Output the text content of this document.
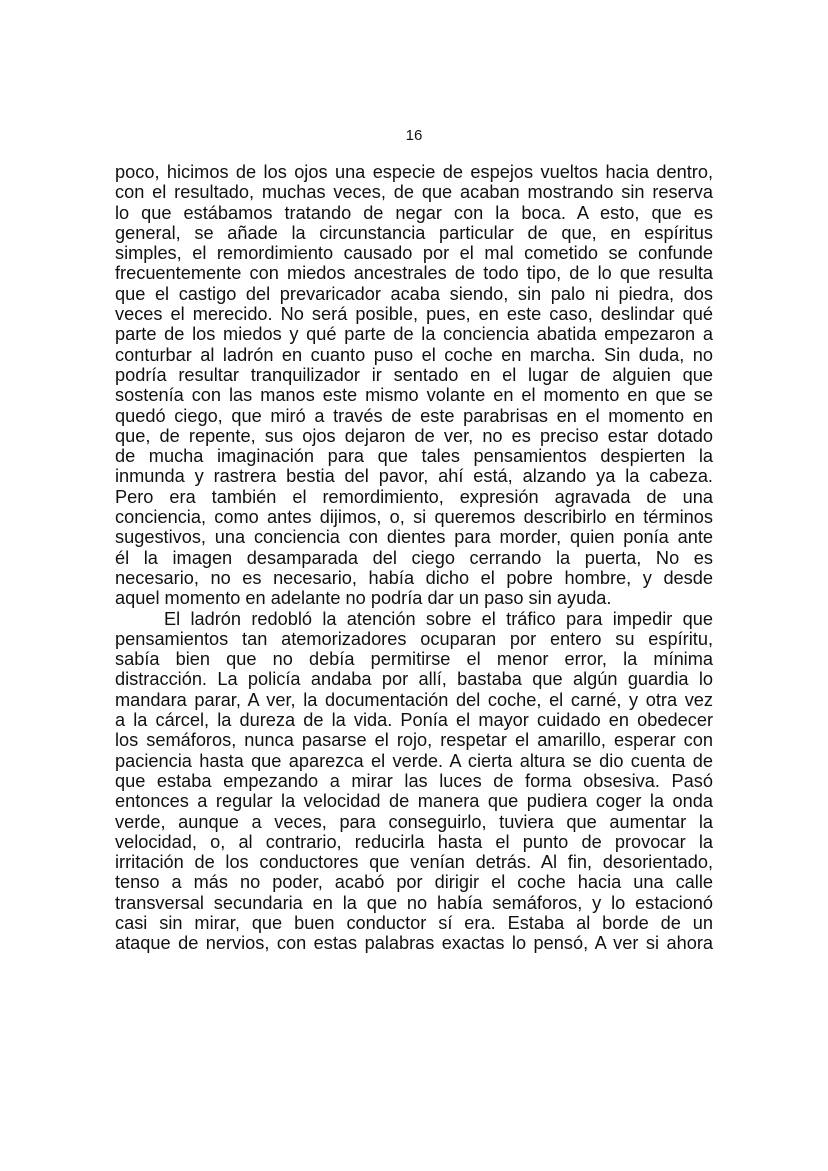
16
poco, hicimos de los ojos una especie de espejos vueltos hacia dentro,
con el resultado, muchas veces, de que acaban mostrando sin reserva
lo que estábamos tratando de negar con la boca. A esto, que es
general, se añade la circunstancia particular de que, en espíritus
simples, el remordimiento causado por el mal cometido se confunde
frecuentemente con miedos ancestrales de todo tipo, de lo que resulta
que el castigo del prevaricador acaba siendo, sin palo ni piedra, dos
veces el merecido. No será posible, pues, en este caso, deslindar qué
parte de los miedos y qué parte de la conciencia abatida empezaron a
conturbar al ladrón en cuanto puso el coche en marcha. Sin duda, no
podría resultar tranquilizador ir sentado en el lugar de alguien que
sostenía con las manos este mismo volante en el momento en que se
quedó ciego, que miró a través de este parabrisas en el momento en
que, de repente, sus ojos dejaron de ver, no es preciso estar dotado
de mucha imaginación para que tales pensamientos despierten la
inmunda y rastrera bestia del pavor, ahí está, alzando ya la cabeza.
Pero era también el remordimiento, expresión agravada de una
conciencia, como antes dijimos, o, si queremos describirlo en términos
sugestivos, una conciencia con dientes para morder, quien ponía ante
él la imagen desamparada del ciego cerrando la puerta, No es
necesario, no es necesario, había dicho el pobre hombre, y desde
aquel momento en adelante no podría dar un paso sin ayuda.
El ladrón redobló la atención sobre el tráfico para impedir que
pensamientos tan atemorizadores ocuparan por entero su espíritu,
sabía bien que no debía permitirse el menor error, la mínima
distracción. La policía andaba por allí, bastaba que algún guardia lo
mandara parar, A ver, la documentación del coche, el carné, y otra vez
a la cárcel, la dureza de la vida. Ponía el mayor cuidado en obedecer
los semáforos, nunca pasarse el rojo, respetar el amarillo, esperar con
paciencia hasta que aparezca el verde. A cierta altura se dio cuenta de
que estaba empezando a mirar las luces de forma obsesiva. Pasó
entonces a regular la velocidad de manera que pudiera coger la onda
verde, aunque a veces, para conseguirlo, tuviera que aumentar la
velocidad, o, al contrario, reducirla hasta el punto de provocar la
irritación de los conductores que venían detrás. Al fin, desorientado,
tenso a más no poder, acabó por dirigir el coche hacia una calle
transversal secundaria en la que no había semáforos, y lo estacionó
casi sin mirar, que buen conductor sí era. Estaba al borde de un
ataque de nervios, con estas palabras exactas lo pensó, A ver si ahora
